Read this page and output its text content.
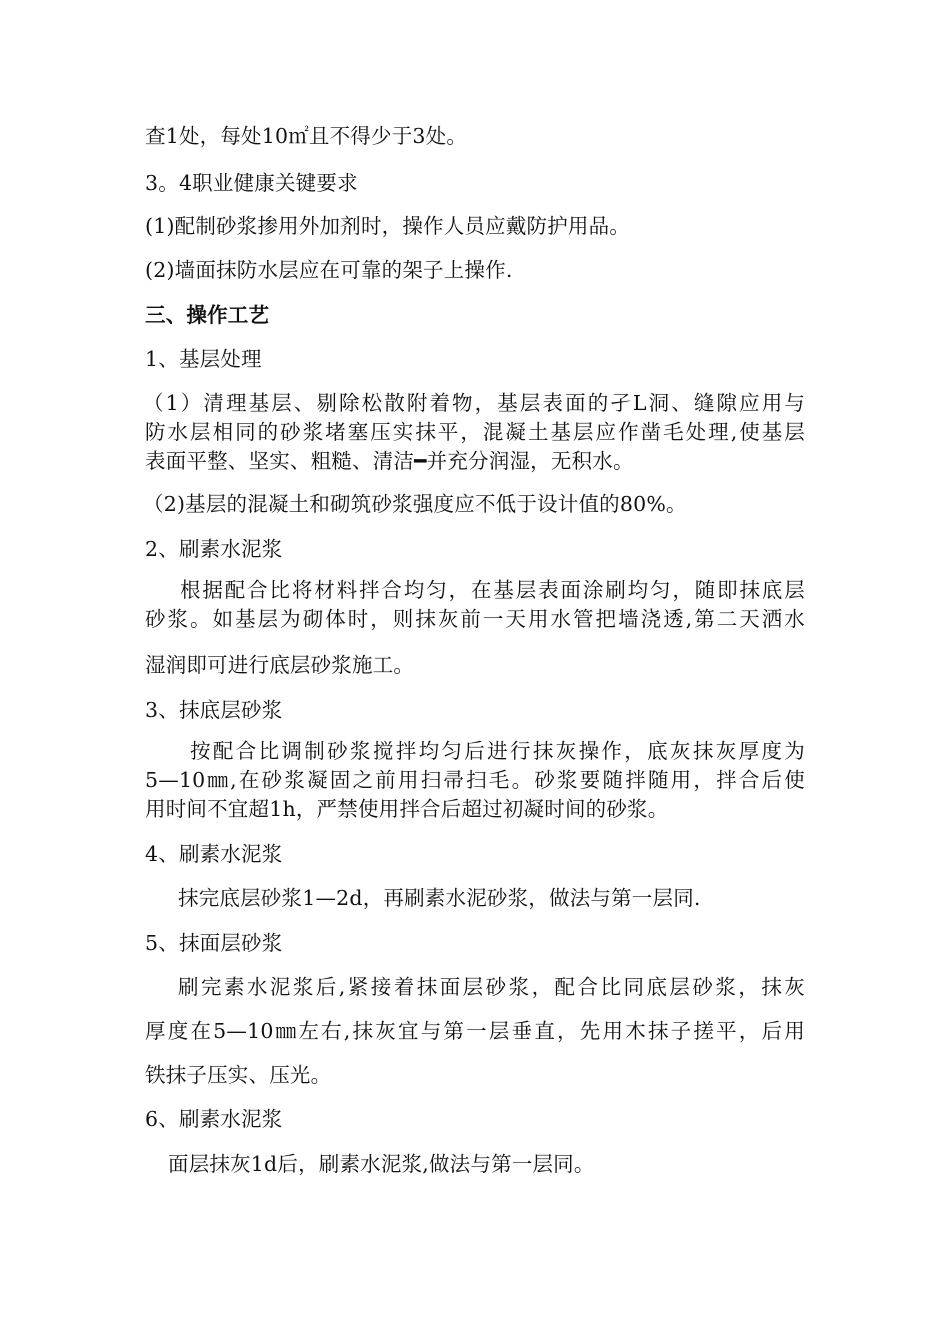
查1处，每处10㎡且不得少于3处。
3。4职业健康关键要求
(1)配制砂浆掺用外加剂时，操作人员应戴防护用品。
(2)墙面抹防水层应在可靠的架子上操作.
三、操作工艺
1、基层处理
（1）清理基层、剔除松散附着物，基层表面的孑L洞、缝隙应用与
防水层相同的砂浆堵塞压实抹平，混凝土基层应作凿毛处理,使基层
表面平整、坚实、粗糙、清洁━并充分润湿，无积水。
（2)基层的混凝土和砌筑砂浆强度应不低于设计值的80%。
2、刷素水泥浆
根据配合比将材料拌合均匀，在基层表面涂刷均匀，随即抹底层
砂浆。如基层为砌体时，则抹灰前一天用水管把墙浇透,第二天洒水
湿润即可进行底层砂浆施工。
3、抹底层砂浆
按配合比调制砂浆搅拌均匀后进行抹灰操作，底灰抹灰厚度为
5—10㎜,在砂浆凝固之前用扫帚扫毛。砂浆要随拌随用，拌合后使
用时间不宜超1h，严禁使用拌合后超过初凝时间的砂浆。
4、刷素水泥浆
抹完底层砂浆1—2d，再刷素水泥砂浆，做法与第一层同.
5、抹面层砂浆
刷完素水泥浆后,紧接着抹面层砂浆，配合比同底层砂浆，抹灰
厚度在5—10㎜左右,抹灰宜与第一层垂直，先用木抹子搓平，后用
铁抹子压实、压光。
6、刷素水泥浆
面层抹灰1d后，刷素水泥浆,做法与第一层同。
